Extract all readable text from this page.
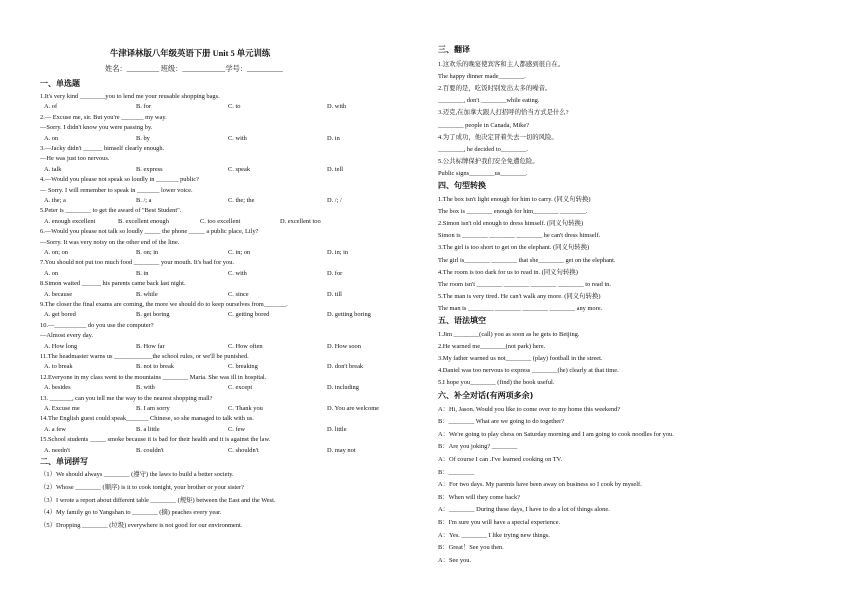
牛津译林版八年级英语下册 Unit 5 单元训练
姓名：_________ 班级：____________学号：__________
一、单选题
1.It's very kind ________you to lend me your reusable shopping bags.
A. of	B. for	C. to	D. with
2.— Excuse me, sir. But you're _______ my way.
—Sorry. I didn't know you were passing by.
A. on	B. by	C. with	D. in
3.—Jacky didn't ______ himself clearly enough.
—He was just too nervous.
A. talk	B. express	C. speak	D. tell
4.—Would you please not speak so loudly in _______ public?
— Sorry. I will remember to speak in _______ lower voice.
A. the; a	B. /; a	C. the; the	D. /; /
5.Peter is ________ to get the award of "Best Student".
A. enough excellent	B. excellent enough	C. too excellent	D. excellent too
6.—Would you please not talk so loudly _____ the phone _____ a public place, Lily?
—Sorry. It was very noisy on the other end of the line.
A. on; on	B. on; in	C. in; on	D. in; in
7.You should not put too much food ________ your mouth. It's bad for you.
A. on	B. in	C. with	D. for
8.Simon waited ______ his parents came back last night.
A. because	B. while	C. since	D. till
9.The closer the final exams are coming, the more we should do to keep ourselves from_______.
A. get bored	B. get boring	C. getting bored	D. getting boring
10.—__________ do you use the computer?
—Almost every day.
A. How long	B. How far	C. How often	D. How soon
11.The headmaster warns us ____________the school rules, or we'll be punished.
A. to break	B. not to break	C. breaking	D. don't break
12.Everyone in my class went to the mountains ________ Maria. She was ill in hospital.
A. besides	B. with	C. except	D. including
13. _______, can you tell me the way to the nearest shopping mall?
A. Excuse me	B. I am sorry	C. Thank you	D. You are welcome
14.The English guest could speak_______ Chinese, so she managed to talk with us.
A. a few	B. a little	C. few	D. little
15.School students _____ smoke because it is bad for their health and it is against the law.
A. needn't	B. couldn't	C. shouldn't	D. may not
二、单词拼写
（1）We should always ________ (遵守) the laws to build a better society.
（2）Whose ________ (顺序) is it to cook tonight, your brother or your sister?
（3）I wrote a report about different table ________ (规矩) between the East and the West.
（4）My family go to Yangshan to ________ (摘) peaches every year.
（5）Dropping ________ (垃圾) everywhere is not good for our environment.
三、翻译
1.这欢乐的晚宴使宾客和主人都感到很自在。
The happy dinner made________.
2.百要的是，吃饭时别发出太多的噪音。
________, don't ________while eating.
3.迈克,在加拿大跟人打招呼的恰当方式是什么?
________ people in Canada, Mike?
4.为了成功，他决定冒着失去一切的风险。
________, he decided to________.
5.公共标牌保护我们安全免遭危险。
Public signs________us________.
四、句型转换
1.The box isn't light enough for him to carry. (同义句转换)
The box is ________ enough for him________ ________.
2.Simon isn't old enough to dress himself. (同义句转换)
Simon is ________ ________ ________ he can't dress himself.
3.The girl is too short to get on the elephant. (同义句转换)
The girl is________ ________ that she________ get on the elephant.
4.The room is too dark for us to read in. (同义句转换)
The room isn't ________ ________ ________ ________ to read in.
5.The man is very tired. He can't walk any more. (同义句转换)
The man is ________ ________ ________ ________ any more.
五、语法填空
1.Jim ________(call) you as soon as he gets to Beijing.
2.He warned me________(not park) here.
3.My father warned us not________ (play) football in the street.
4.Daniel was too nervous to express ________(he) clearly at that time.
5.I hope you________ (find) the book useful.
六、补全对话(有两项多余)
A：Hi, Jason. Would you like to come over to my home this weekend?
B：________ What are we going to do together?
A：We're going to play chess on Saturday morning and I am going to cook noodles for you.
B：Are you joking? ________
A：Of course I can .I've learned cooking on TV.
B：________
A：For two days. My parents have been away on business so I cook by myself.
B：When will they come back?
A：________ During these days, I have to do a lot of things alone.
B：I'm sure you will have a special experience.
A：Yes. ________ I like trying new things.
B：Great！See you then.
A：See you.
